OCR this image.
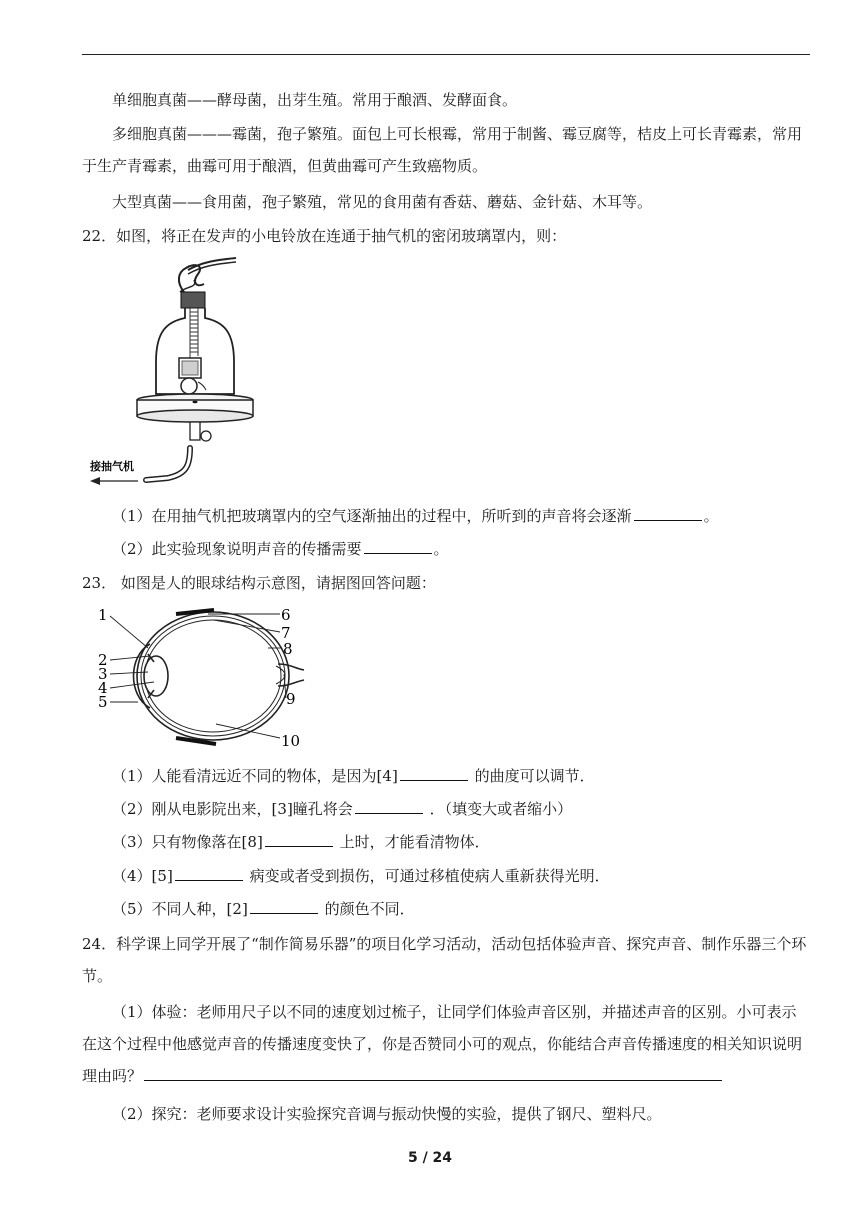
单细胞真菌——酵母菌，出芽生殖。常用于酿酒、发酵面食。

多细胞真菌———霉菌，孢子繁殖。面包上可长根霉，常用于制酱、霉豆腐等，桔皮上可长青霉素，常用于生产青霉素，曲霉可用于酿酒，但黄曲霉可产生致癌物质。

大型真菌——食用菌，孢子繁殖，常见的食用菌有香菇、蘑菇、金针菇、木耳等。

22．如图，将正在发声的小电铃放在连通于抽气机的密闭玻璃罩内，则：

接抽气机

（1）在用抽气机把玻璃罩内的空气逐渐抽出的过程中，所听到的声音将会逐渐	。

（2）此实验现象说明声音的传播需要	。

23． 如图是人的眼球结构示意图，请据图回答问题：

1
2
3
4
5
6
7
8
9
10

（1）人能看清远近不同的物体，是因为[4]	的曲度可以调节．

（2）刚从电影院出来，[3]瞳孔将会	．（填变大或者缩小）

（3）只有物像落在[8]	上时，才能看清物体．

（4）[5]	病变或者受到损伤，可通过移植使病人重新获得光明．

（5）不同人种，[2]	的颜色不同．

24．科学课上同学开展了“制作简易乐器”的项目化学习活动，活动包括体验声音、探究声音、制作乐器三个环节。

（1）体验：老师用尺子以不同的速度划过梳子，让同学们体验声音区别，并描述声音的区别。小可表示在这个过程中他感觉声音的传播速度变快了，你是否赞同小可的观点，你能结合声音传播速度的相关知识说明理由吗？

（2）探究：老师要求设计实验探究音调与振动快慢的实验，提供了钢尺、塑料尺。

5 / 24
